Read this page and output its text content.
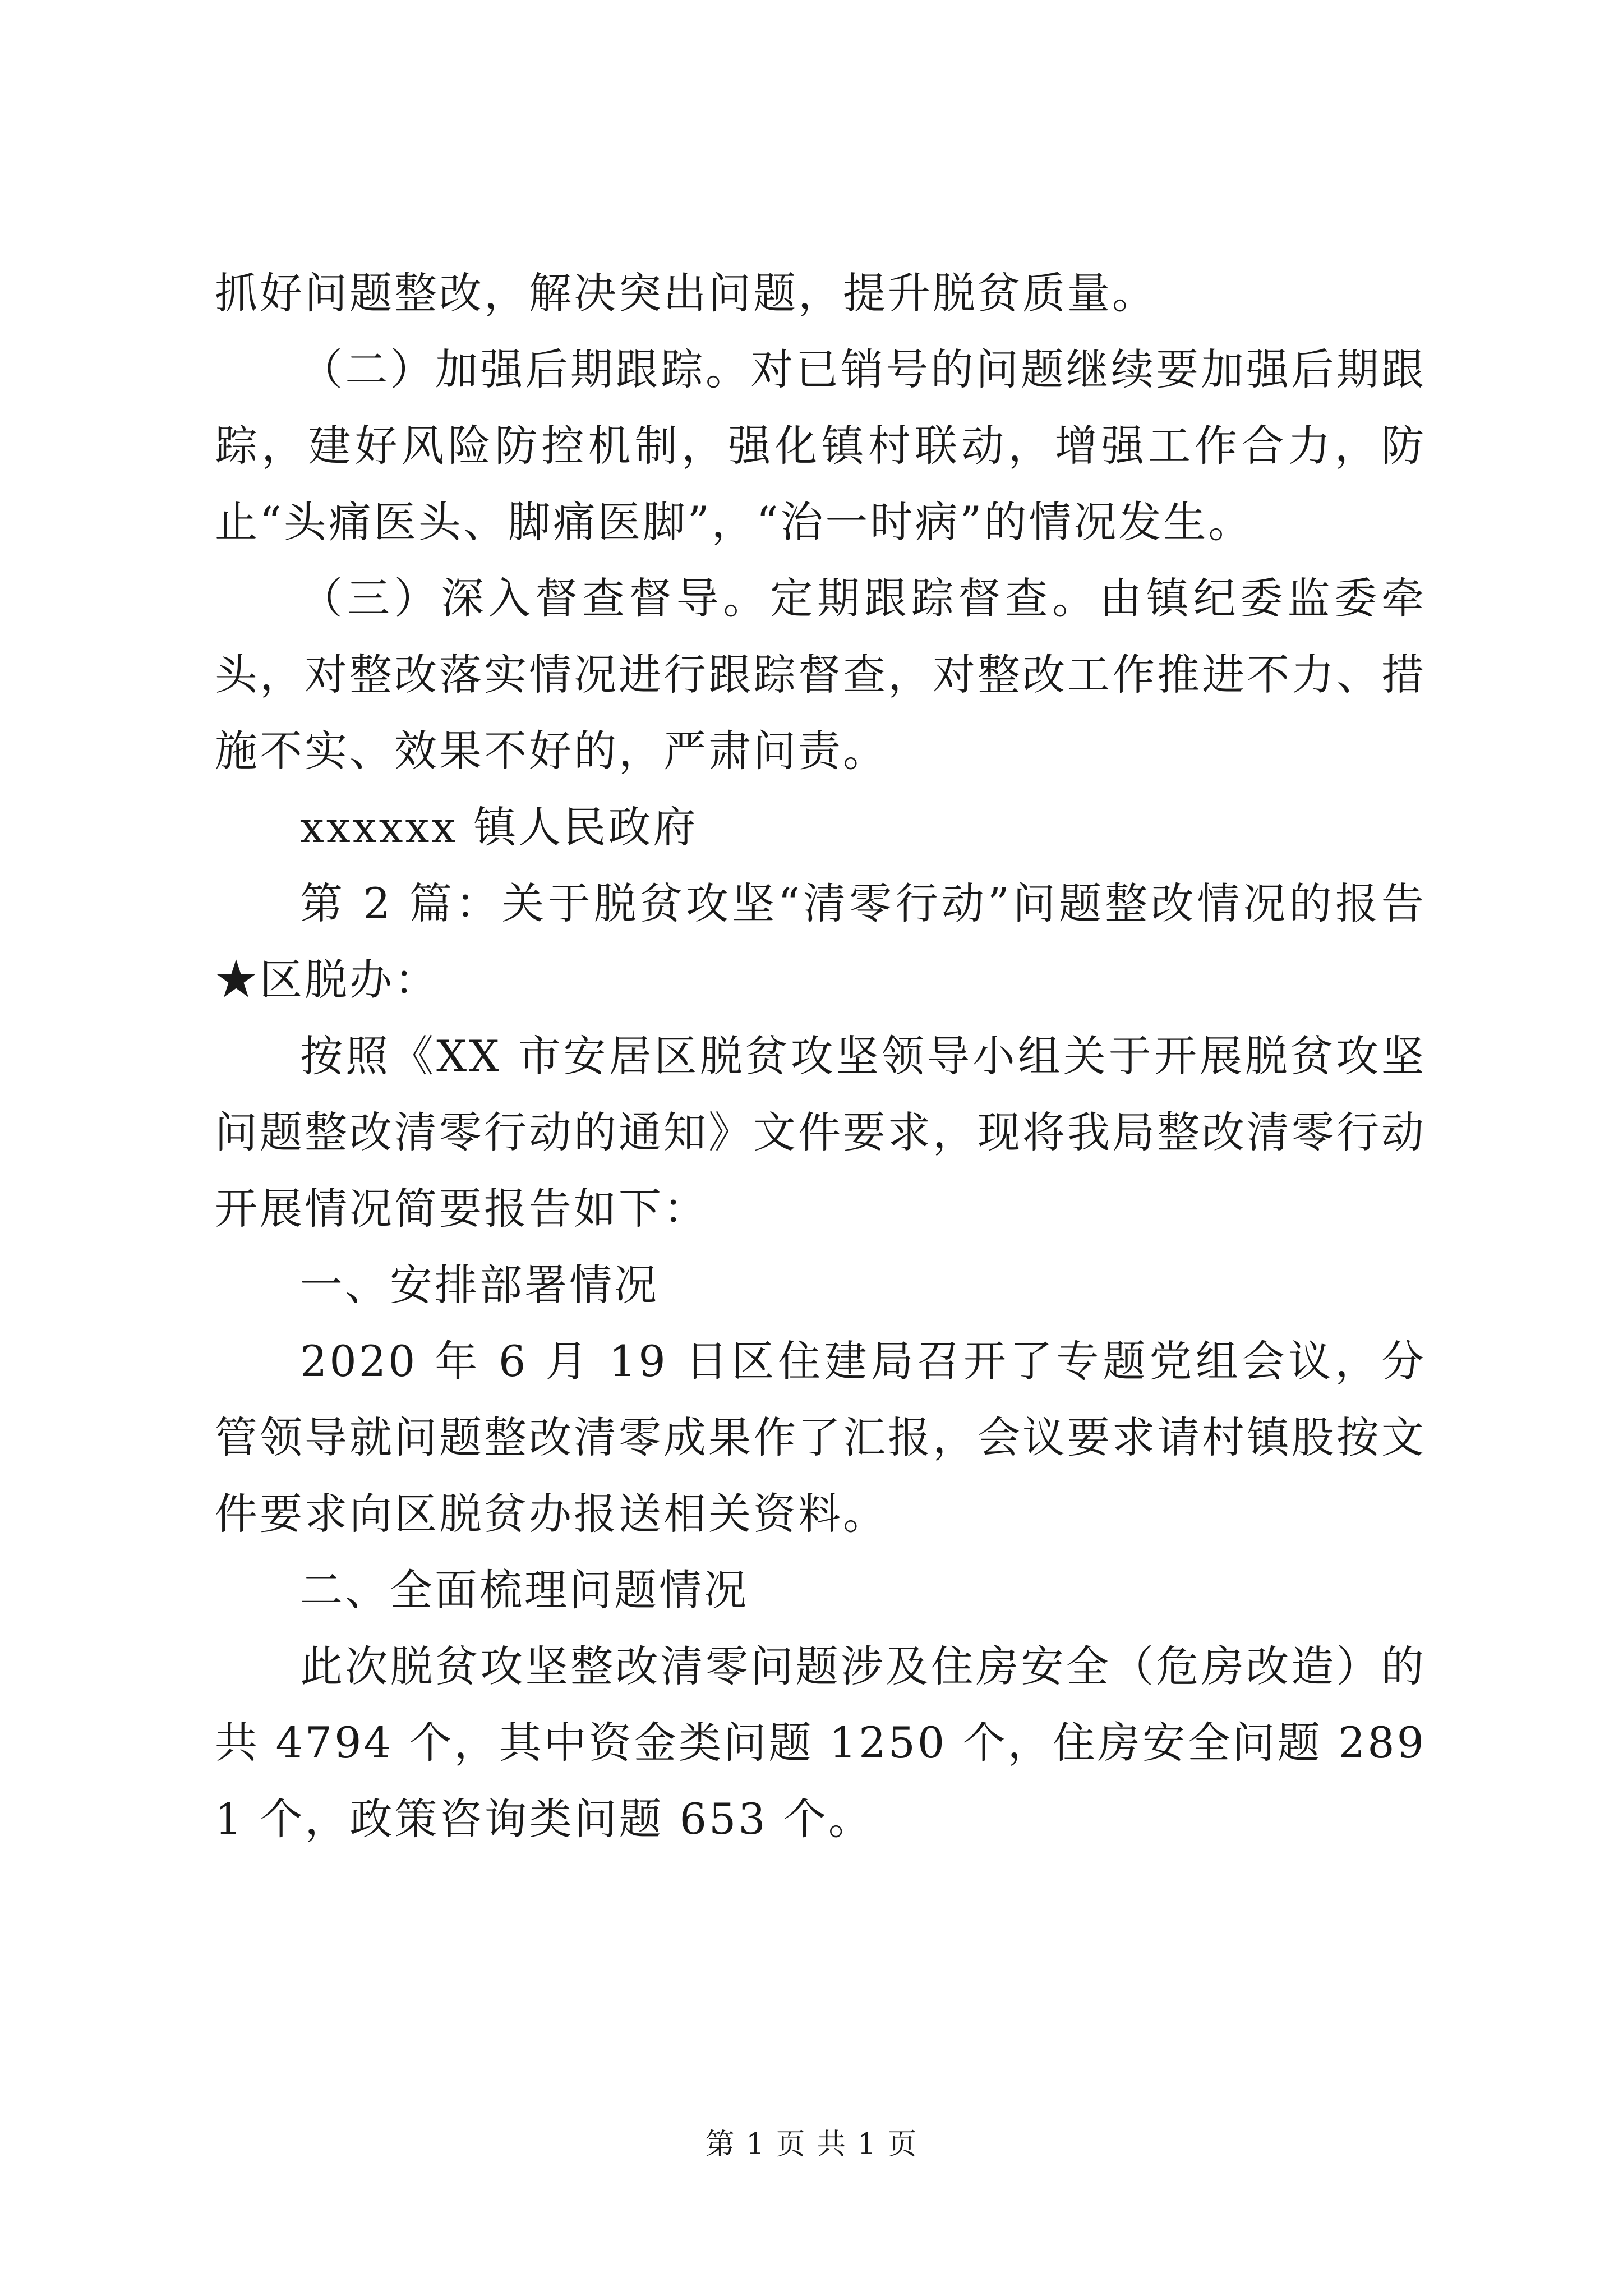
抓好问题整改，解决突出问题，提升脱贫质量。

（二）加强后期跟踪。对已销号的问题继续要加强后期跟踪，建好风险防控机制，强化镇村联动，增强工作合力，防止“头痛医头、脚痛医脚”，“治一时病”的情况发生。

（三）深入督查督导。定期跟踪督查。由镇纪委监委牵头，对整改落实情况进行跟踪督查，对整改工作推进不力、措施不实、效果不好的，严肃问责。

xxxxxx 镇人民政府

第 2 篇：关于脱贫攻坚“清零行动”问题整改情况的报告★区脱办：

按照《XX 市安居区脱贫攻坚领导小组关于开展脱贫攻坚问题整改清零行动的通知》文件要求，现将我局整改清零行动开展情况简要报告如下：

一、安排部署情况

2020 年 6 月 19 日区住建局召开了专题党组会议，分管领导就问题整改清零成果作了汇报，会议要求请村镇股按文件要求向区脱贫办报送相关资料。

二、全面梳理问题情况

此次脱贫攻坚整改清零问题涉及住房安全（危房改造）的共 4794 个，其中资金类问题 1250 个，住房安全问题 2891 个，政策咨询类问题 653 个。

第 1 页 共 1 页
